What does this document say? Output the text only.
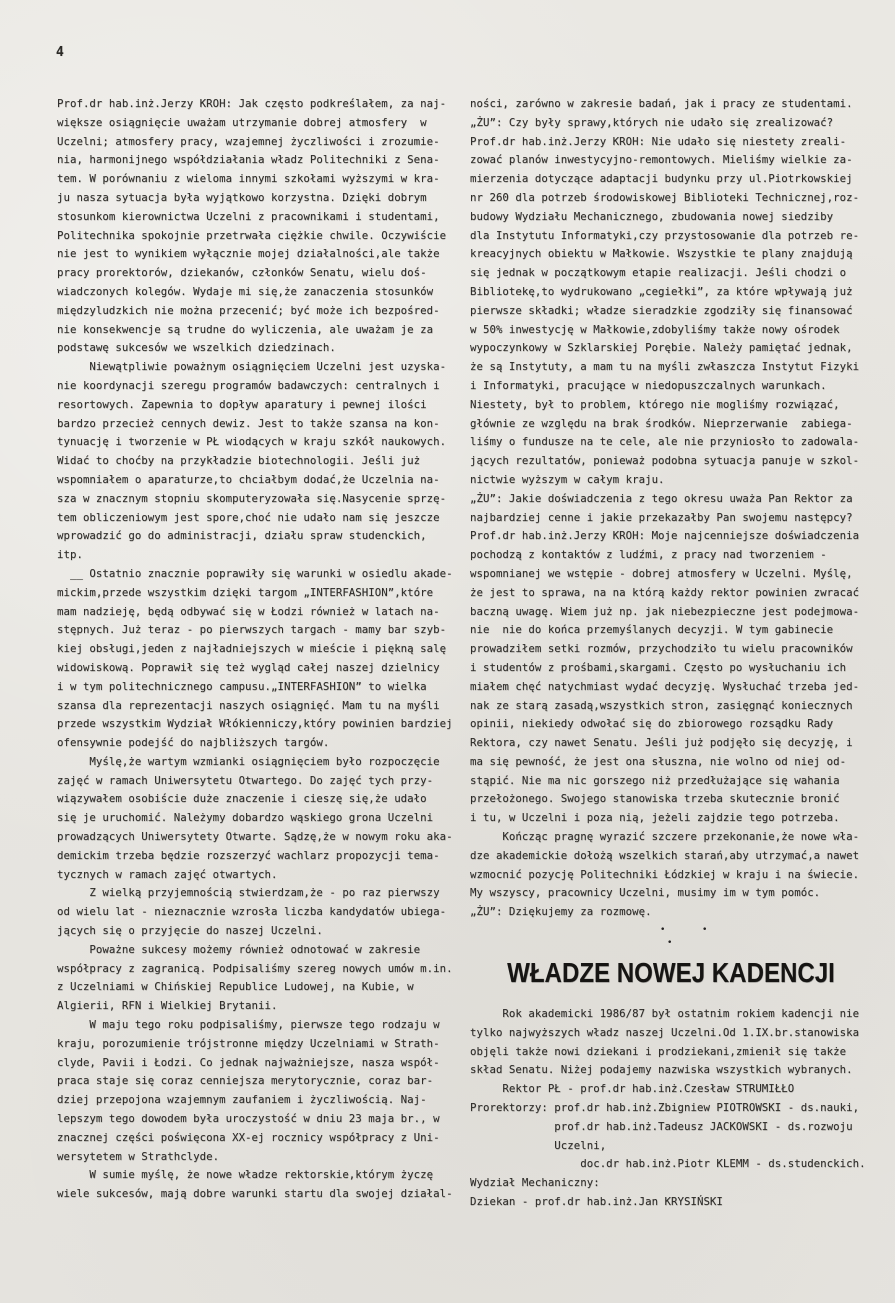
4
Prof.dr hab.inż.Jerzy KROH: Jak często podkreślałem, za naj-
większe osiągnięcie uważam utrzymanie dobrej atmosfery  w
Uczelni; atmosfery pracy, wzajemnej życzliwości i zrozumie-
nia, harmonijnego współdziałania władz Politechniki z Sena-
tem. W porównaniu z wieloma innymi szkołami wyższymi w kra-
ju nasza sytuacja była wyjątkowo korzystna. Dzięki dobrym
stosunkom kierownictwa Uczelni z pracownikami i studentami,
Politechnika spokojnie przetrwała ciężkie chwile. Oczywiście
nie jest to wynikiem wyłącznie mojej działalności,ale także
pracy prorektorów, dziekanów, członków Senatu, wielu doś-
wiadczonych kolegów. Wydaje mi się,że zanaczenia stosunków
międzyludzkich nie można przecenić; być może ich bezpośred-
nie konsekwencje są trudne do wyliczenia, ale uważam je za
podstawę sukcesów we wszelkich dziedzinach.
Niewątpliwie poważnym osiągnięciem Uczelni jest uzyska-
nie koordynacji szeregu programów badawczych: centralnych i
resortowych. Zapewnia to dopływ aparatury i pewnej ilości
bardzo przecież cennych dewiz. Jest to także szansa na kon-
tynuację i tworzenie w PŁ wiodących w kraju szkół naukowych.
Widać to choćby na przykładzie biotechnologii. Jeśli już
wspomniałem o aparaturze,to chciałbym dodać,że Uczelnia na-
sza w znacznym stopniu skomputeryzowała się.Nasycenie sprzę-
tem obliczeniowym jest spore,choć nie udało nam się jeszcze
wprowadzić go do administracji, działu spraw studenckich,
itp.
__ Ostatnio znacznie poprawiły się warunki w osiedlu akade-
mickim,przede wszystkim dzięki targom „INTERFASHION”,które
mam nadzieję, będą odbywać się w Łodzi również w latach na-
stępnych. Już teraz - po pierwszych targach - mamy bar szyb-
kiej obsługi,jeden z najładniejszych w mieście i piękną salę
widowiskową. Poprawił się też wygląd całej naszej dzielnicy
i w tym politechnicznego campusu.„INTERFASHION” to wielka
szansa dla reprezentacji naszych osiągnięć. Mam tu na myśli
przede wszystkim Wydział Włókienniczy,który powinien bardziej
ofensywnie podejść do najbliższych targów.
Myślę,że wartym wzmianki osiągnięciem było rozpoczęcie
zajęć w ramach Uniwersytetu Otwartego. Do zajęć tych przy-
wiązywałem osobiście duże znaczenie i cieszę się,że udało
się je uruchomić. Należymy dobardzo wąskiego grona Uczelni
prowadzących Uniwersytety Otwarte. Sądzę,że w nowym roku aka-
demickim trzeba będzie rozszerzyć wachlarz propozycji tema-
tycznych w ramach zajęć otwartych.
Z wielką przyjemnością stwierdzam,że - po raz pierwszy
od wielu lat - nieznacznie wzrosła liczba kandydatów ubiega-
jących się o przyjęcie do naszej Uczelni.
Poważne sukcesy możemy również odnotować w zakresie
współpracy z zagranicą. Podpisaliśmy szereg nowych umów m.in.
z Uczelniami w Chińskiej Republice Ludowej, na Kubie, w
Algierii, RFN i Wielkiej Brytanii.
W maju tego roku podpisaliśmy, pierwsze tego rodzaju w
kraju, porozumienie trójstronne między Uczelniami w Strath-
clyde, Pavii i Łodzi. Co jednak najważniejsze, nasza współ-
praca staje się coraz cenniejsza merytorycznie, coraz bar-
dziej przepojona wzajemnym zaufaniem i życzliwością. Naj-
lepszym tego dowodem była uroczystość w dniu 23 maja br., w
znacznej części poświęcona XX-ej rocznicy współpracy z Uni-
wersytetem w Strathclyde.
W sumie myślę, że nowe władze rektorskie,którym życzę
wiele sukcesów, mają dobre warunki startu dla swojej działal-
ności, zarówno w zakresie badań, jak i pracy ze studentami.
„ŻU”: Czy były sprawy,których nie udało się zrealizować?
Prof.dr hab.inż.Jerzy KROH: Nie udało się niestety zreali-
zować planów inwestycyjno-remontowych. Mieliśmy wielkie za-
mierzenia dotyczące adaptacji budynku przy ul.Piotrkowskiej
nr 260 dla potrzeb środowiskowej Biblioteki Technicznej,roz-
budowy Wydziału Mechanicznego, zbudowania nowej siedziby
dla Instytutu Informatyki,czy przystosowanie dla potrzeb re-
kreacyjnych obiektu w Małkowie. Wszystkie te plany znajdują
się jednak w początkowym etapie realizacji. Jeśli chodzi o
Bibliotekę,to wydrukowano „cegiełki”, za które wpływają już
pierwsze składki; władze sieradzkie zgodziły się finansować
w 50% inwestycję w Małkowie,zdobyliśmy także nowy ośrodek
wypoczynkowy w Szklarskiej Porębie. Należy pamiętać jednak,
że są Instytuty, a mam tu na myśli zwłaszcza Instytut Fizyki
i Informatyki, pracujące w niedopuszczalnych warunkach.
Niestety, był to problem, którego nie mogliśmy rozwiązać,
głównie ze względu na brak środków. Nieprzerwanie  zabiega-
liśmy o fundusze na te cele, ale nie przyniosło to zadowala-
jących rezultatów, ponieważ podobna sytuacja panuje w szkol-
nictwie wyższym w całym kraju.
„ŻU”: Jakie doświadczenia z tego okresu uważa Pan Rektor za
najbardziej cenne i jakie przekazałby Pan swojemu następcy?
Prof.dr hab.inż.Jerzy KROH: Moje najcenniejsze doświadczenia
pochodzą z kontaktów z ludźmi, z pracy nad tworzeniem -
wspomnianej we wstępie - dobrej atmosfery w Uczelni. Myślę,
że jest to sprawa, na na którą każdy rektor powinien zwracać
baczną uwagę. Wiem już np. jak niebezpieczne jest podejmowa-
nie  nie do końca przemyślanych decyzji. W tym gabinecie
prowadziłem setki rozmów, przychodziło tu wielu pracowników
i studentów z prośbami,skargami. Często po wysłuchaniu ich
miałem chęć natychmiast wydać decyzję. Wysłuchać trzeba jed-
nak ze starą zasadą,wszystkich stron, zasięgnąć koniecznych
opinii, niekiedy odwołać się do zbiorowego rozsądku Rady
Rektora, czy nawet Senatu. Jeśli już podjęło się decyzję, i
ma się pewność, że jest ona słuszna, nie wolno od niej od-
stąpić. Nie ma nic gorszego niż przedłużające się wahania
przełożonego. Swojego stanowiska trzeba skutecznie bronić
i tu, w Uczelni i poza nią, jeżeli zajdzie tego potrzeba.
Kończąc pragnę wyrazić szczere przekonanie,że nowe wła-
dze akademickie dołożą wszelkich starań,aby utrzymać,a nawet
wzmocnić pozycję Politechniki Łódzkiej w kraju i na świecie.
My wszyscy, pracownicy Uczelni, musimy im w tym pomóc.
„ŻU”: Dziękujemy za rozmowę.
•	•
•
WŁADZE NOWEJ KADENCJI
Rok akademicki 1986/87 był ostatnim rokiem kadencji nie
tylko najwyższych władz naszej Uczelni.Od 1.IX.br.stanowiska
objęli także nowi dziekani i prodziekani,zmienił się także
skład Senatu. Niżej podajemy nazwiska wszystkich wybranych.
Rektor PŁ - prof.dr hab.inż.Czesław STRUMIŁŁO
Prorektorzy: prof.dr hab.inż.Zbigniew PIOTROWSKI - ds.nauki,
prof.dr hab.inż.Tadeusz JACKOWSKI - ds.rozwoju
Uczelni,
doc.dr hab.inż.Piotr KLEMM - ds.studenckich.
Wydział Mechaniczny:
Dziekan - prof.dr hab.inż.Jan KRYSIŃSKI
